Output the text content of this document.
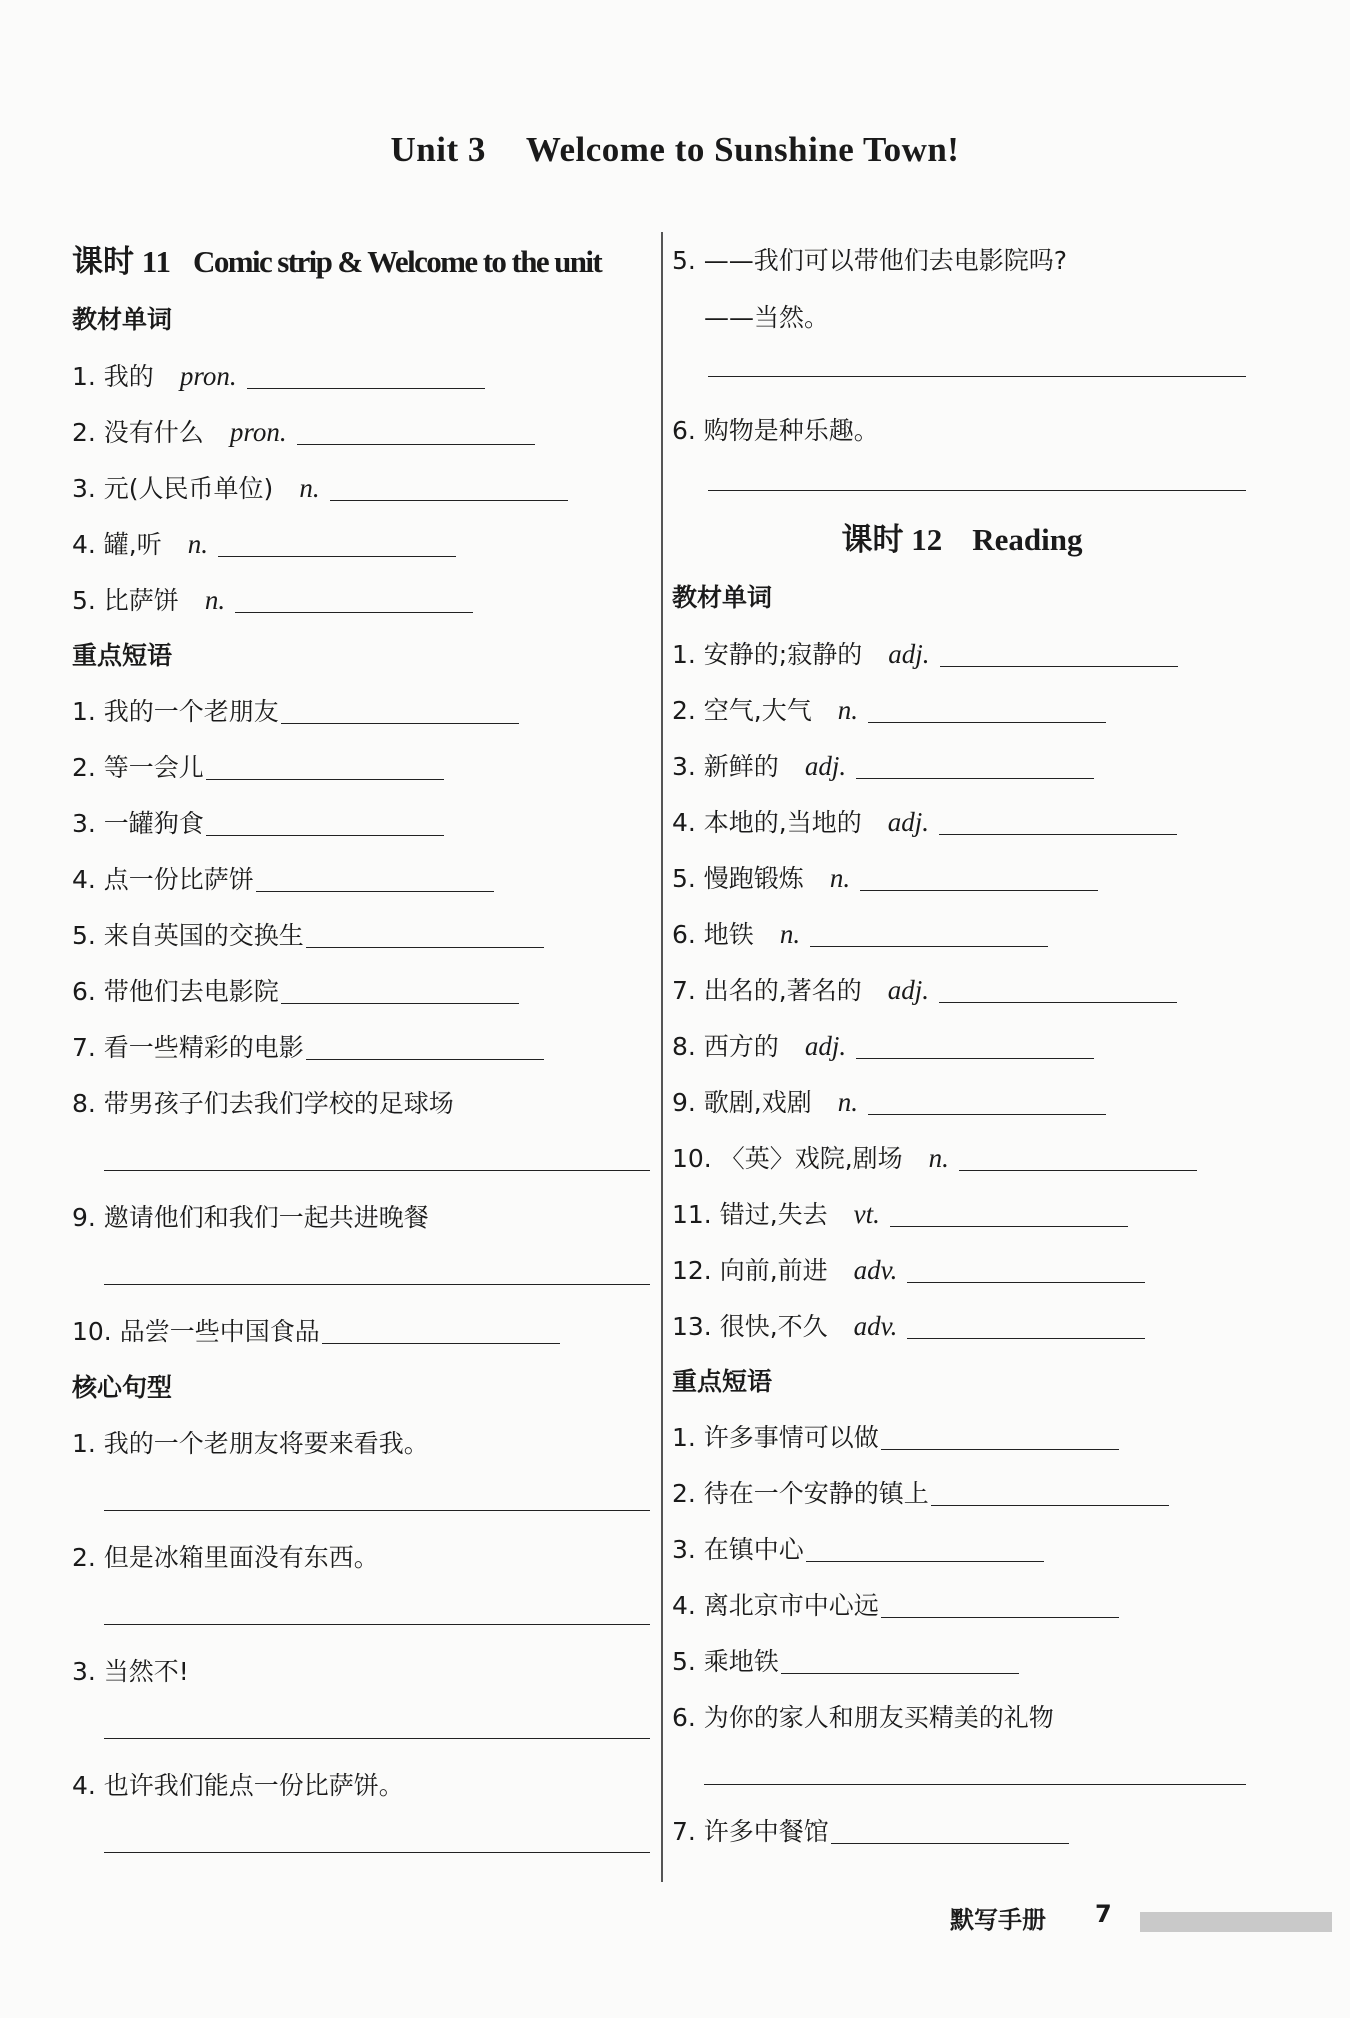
Unit 3 Welcome to Sunshine Town!
课时 11 Comic strip & Welcome to the unit
教材单词
1. 我的 pron.
2. 没有什么 pron.
3. 元(人民币单位) n.
4. 罐,听 n.
5. 比萨饼 n.
重点短语
1. 我的一个老朋友
2. 等一会儿
3. 一罐狗食
4. 点一份比萨饼
5. 来自英国的交换生
6. 带他们去电影院
7. 看一些精彩的电影
8. 带男孩子们去我们学校的足球场
9. 邀请他们和我们一起共进晚餐
10. 品尝一些中国食品
核心句型
1. 我的一个老朋友将要来看我。
2. 但是冰箱里面没有东西。
3. 当然不!
4. 也许我们能点一份比萨饼。
5. ——我们可以带他们去电影院吗?
——当然。
6. 购物是种乐趣。
课时 12 Reading
教材单词
1. 安静的;寂静的 adj.
2. 空气,大气 n.
3. 新鲜的 adj.
4. 本地的,当地的 adj.
5. 慢跑锻炼 n.
6. 地铁 n.
7. 出名的,著名的 adj.
8. 西方的 adj.
9. 歌剧,戏剧 n.
10. 〈英〉戏院,剧场 n.
11. 错过,失去 vt.
12. 向前,前进 adv.
13. 很快,不久 adv.
重点短语
1. 许多事情可以做
2. 待在一个安静的镇上
3. 在镇中心
4. 离北京市中心远
5. 乘地铁
6. 为你的家人和朋友买精美的礼物
7. 许多中餐馆
默写手册 7
